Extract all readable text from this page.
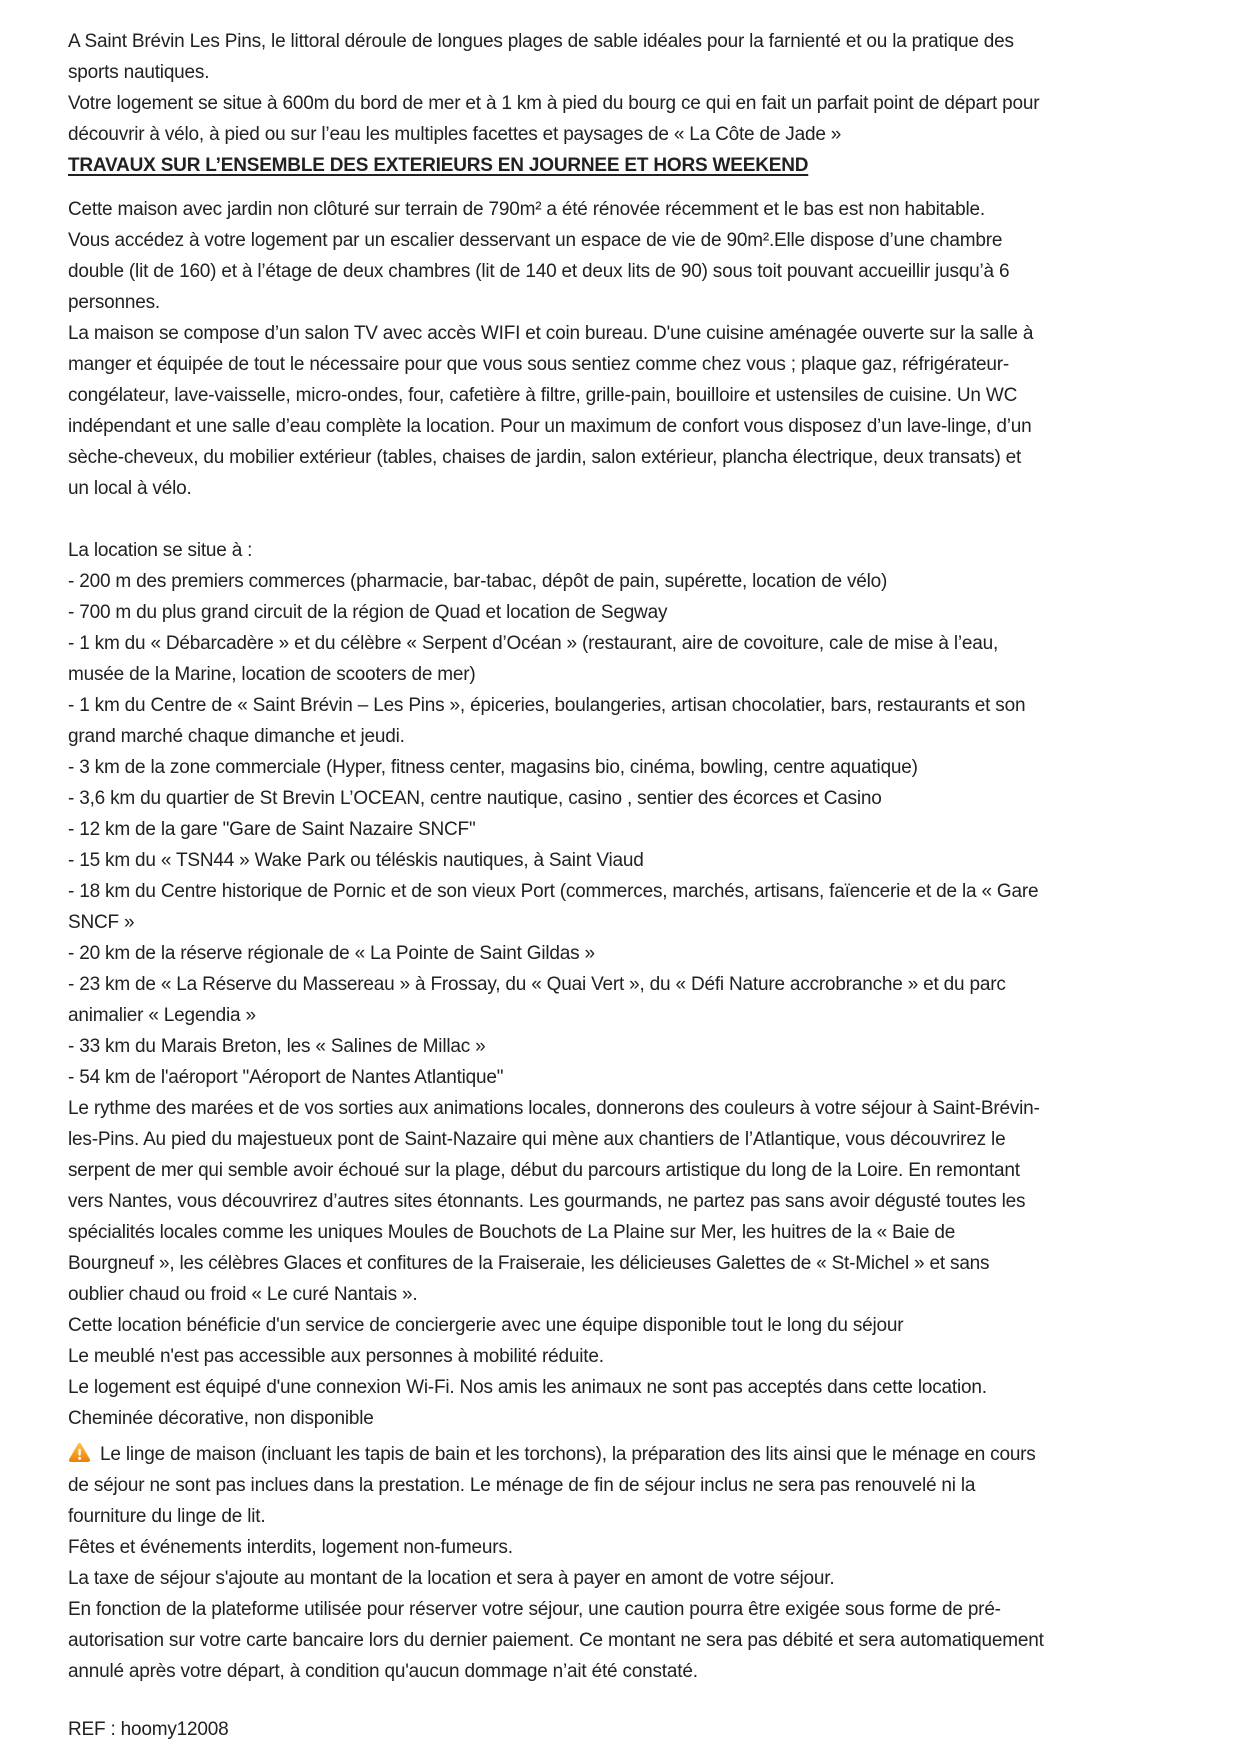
A Saint Brévin Les Pins, le littoral déroule de longues plages de sable idéales pour la farnienté et ou la pratique des sports nautiques.
Votre logement se situe à 600m du bord de mer et à 1 km à pied du bourg ce qui en fait un parfait point de départ pour découvrir à vélo, à pied ou sur l’eau les multiples facettes et paysages de « La Côte de Jade »
TRAVAUX SUR L’ENSEMBLE DES EXTERIEURS EN JOURNEE ET HORS WEEKEND
Cette maison avec jardin non clôturé sur terrain de 790m² a été rénovée récemment et le bas est non habitable.
Vous accédez à votre logement par un escalier desservant un espace de vie de 90m².Elle dispose d’une chambre double (lit de 160) et à l’étage de deux chambres (lit de 140 et deux lits de 90) sous toit pouvant accueillir jusqu’à 6 personnes.
La maison se compose d’un salon TV avec accès WIFI et coin bureau. D'une cuisine aménagée ouverte sur la salle à manger et équipée de tout le nécessaire pour que vous sous sentiez comme chez vous ; plaque gaz, réfrigérateur-congélateur, lave-vaisselle, micro-ondes, four, cafetière à filtre, grille-pain, bouilloire et ustensiles de cuisine. Un WC indépendant et une salle d’eau complète la location. Pour un maximum de confort vous disposez d’un lave-linge, d’un sèche-cheveux, du mobilier extérieur (tables, chaises de jardin, salon extérieur, plancha électrique, deux transats) et un local à vélo.
La location se situe à :
- 200 m des premiers commerces (pharmacie, bar-tabac, dépôt de pain, supérette, location de vélo)
- 700 m du plus grand circuit de la région de Quad et location de Segway
- 1 km du « Débarcadère » et du célèbre « Serpent d’Océan » (restaurant, aire de covoiture, cale de mise à l’eau, musée de la Marine, location de scooters de mer)
- 1 km du Centre de « Saint Brévin – Les Pins », épiceries, boulangeries, artisan chocolatier, bars, restaurants et son grand marché chaque dimanche et jeudi.
- 3 km de la zone commerciale (Hyper, fitness center, magasins bio, cinéma, bowling, centre aquatique)
- 3,6 km du quartier de St Brevin L’OCEAN, centre nautique, casino , sentier des écorces et Casino
- 12 km de la gare "Gare de Saint Nazaire SNCF"
- 15 km du « TSN44 » Wake Park ou téléskis nautiques, à Saint Viaud
- 18 km du Centre historique de Pornic et de son vieux Port (commerces, marchés, artisans, faïencerie et de la « Gare SNCF »
- 20 km de la réserve régionale de « La Pointe de Saint Gildas »
- 23 km de « La Réserve du Massereau » à Frossay, du « Quai Vert », du « Défi Nature accrobranche » et du parc animalier « Legendia »
- 33 km du Marais Breton, les « Salines de Millac »
- 54 km de l'aéroport "Aéroport de Nantes Atlantique"
Le rythme des marées et de vos sorties aux animations locales, donnerons des couleurs à votre séjour à Saint-Brévin-les-Pins. Au pied du majestueux pont de Saint-Nazaire qui mène aux chantiers de l’Atlantique, vous découvrirez le serpent de mer qui semble avoir échoué sur la plage, début du parcours artistique du long de la Loire. En remontant vers Nantes, vous découvrirez d’autres sites étonnants. Les gourmands, ne partez pas sans avoir dégusté toutes les spécialités locales comme les uniques Moules de Bouchots de La Plaine sur Mer, les huitres de la « Baie de Bourgneuf », les célèbres Glaces et confitures de la Fraiseraie, les délicieuses Galettes de « St-Michel » et sans oublier chaud ou froid « Le curé Nantais ».
Cette location bénéficie d'un service de conciergerie avec une équipe disponible tout le long du séjour
Le meublé n'est pas accessible aux personnes à mobilité réduite.
Le logement est équipé d'une connexion Wi-Fi. Nos amis les animaux ne sont pas acceptés dans cette location.
Cheminée décorative, non disponible
Le linge de maison (incluant les tapis de bain et les torchons), la préparation des lits ainsi que le ménage en cours de séjour ne sont pas inclues dans la prestation. Le ménage de fin de séjour inclus ne sera pas renouvelé ni la fourniture du linge de lit.
Fêtes et événements interdits, logement non-fumeurs.
La taxe de séjour s'ajoute au montant de la location et sera à payer en amont de votre séjour.
En fonction de la plateforme utilisée pour réserver votre séjour, une caution pourra être exigée sous forme de pré-autorisation sur votre carte bancaire lors du dernier paiement. Ce montant ne sera pas débité et sera automatiquement annulé après votre départ, à condition qu'aucun dommage n’ait été constaté.
REF : hoomy12008
